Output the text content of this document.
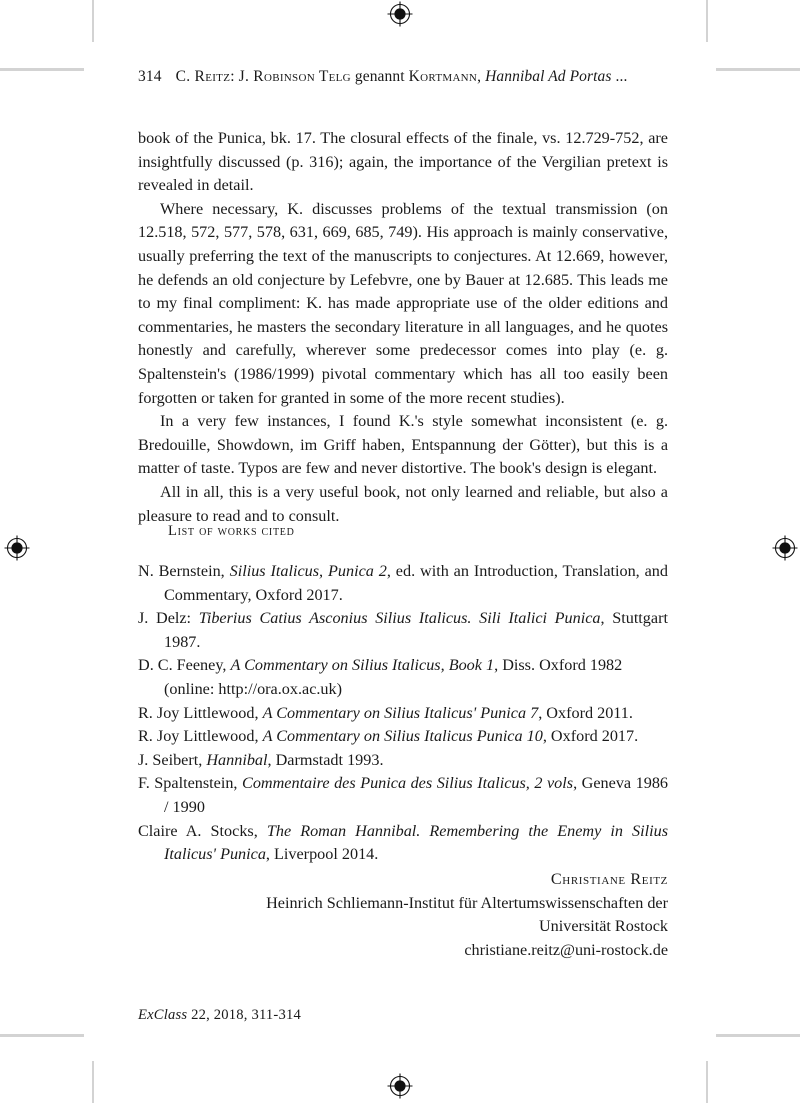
314 C. Reitz: J. Robinson Telg genannt Kortmann, Hannibal Ad Portas ...

book of the Punica, bk. 17. The closural effects of the finale, vs. 12.729-752, are insightfully discussed (p. 316); again, the importance of the Vergilian pretext is revealed in detail.

Where necessary, K. discusses problems of the textual transmission (on 12.518, 572, 577, 578, 631, 669, 685, 749). His approach is mainly conservative, usually preferring the text of the manuscripts to conjectures. At 12.669, however, he defends an old conjecture by Lefebvre, one by Bauer at 12.685. This leads me to my final compliment: K. has made appropriate use of the older editions and commentaries, he masters the secondary literature in all languages, and he quotes honestly and carefully, wherever some predecessor comes into play (e. g. Spaltenstein's (1986/1999) pivotal commentary which has all too easily been forgotten or taken for granted in some of the more recent studies).

In a very few instances, I found K.'s style somewhat inconsistent (e. g. Bredouille, Showdown, im Griff haben, Entspannung der Götter), but this is a matter of taste. Typos are few and never distortive. The book's design is elegant.

All in all, this is a very useful book, not only learned and reliable, but also a pleasure to read and to consult.

List of works cited

N. Bernstein, Silius Italicus, Punica 2, ed. with an Introduction, Translation, and Commentary, Oxford 2017.

J. Delz: Tiberius Catius Asconius Silius Italicus. Sili Italici Punica, Stuttgart 1987.

D. C. Feeney, A Commentary on Silius Italicus, Book 1, Diss. Oxford 1982 (online: http://ora.ox.ac.uk)

R. Joy Littlewood, A Commentary on Silius Italicus' Punica 7, Oxford 2011.

R. Joy Littlewood, A Commentary on Silius Italicus Punica 10, Oxford 2017.

J. Seibert, Hannibal, Darmstadt 1993.

F. Spaltenstein, Commentaire des Punica des Silius Italicus, 2 vols, Geneva 1986 / 1990

Claire A. Stocks, The Roman Hannibal. Remembering the Enemy in Silius Italicus' Punica, Liverpool 2014.

Christiane Reitz
Heinrich Schliemann-Institut für Altertumswissenschaften der
Universität Rostock
christiane.reitz@uni-rostock.de
ExClass 22, 2018, 311-314
